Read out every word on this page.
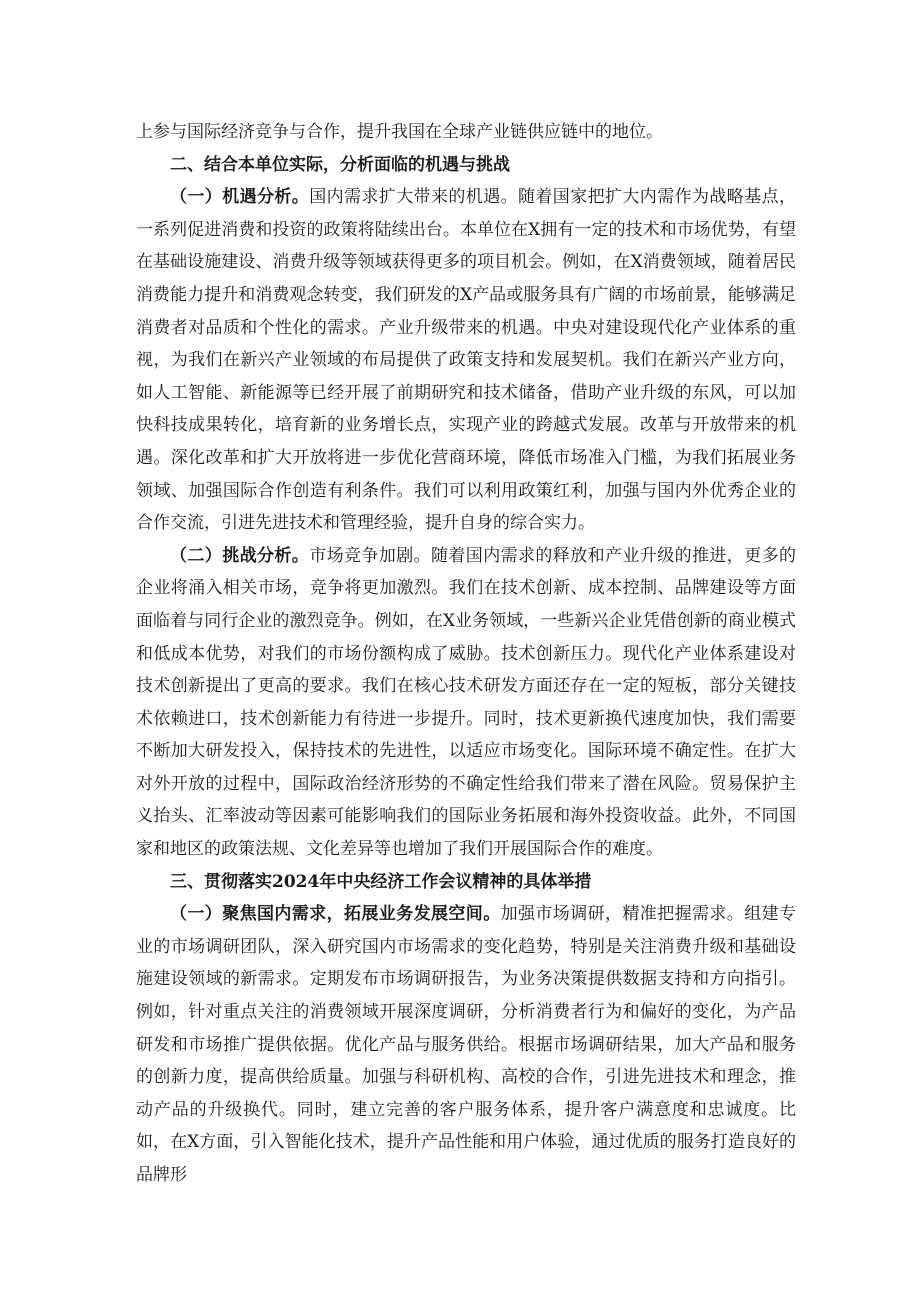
上参与国际经济竞争与合作，提升我国在全球产业链供应链中的地位。

二、结合本单位实际，分析面临的机遇与挑战

（一）机遇分析。国内需求扩大带来的机遇。随着国家把扩大内需作为战略基点，一系列促进消费和投资的政策将陆续出台。本单位在X拥有一定的技术和市场优势，有望在基础设施建设、消费升级等领域获得更多的项目机会。例如，在X消费领域，随着居民消费能力提升和消费观念转变，我们研发的X产品或服务具有广阔的市场前景，能够满足消费者对品质和个性化的需求。产业升级带来的机遇。中央对建设现代化产业体系的重视，为我们在新兴产业领域的布局提供了政策支持和发展契机。我们在新兴产业方向，如人工智能、新能源等已经开展了前期研究和技术储备，借助产业升级的东风，可以加快科技成果转化，培育新的业务增长点，实现产业的跨越式发展。改革与开放带来的机遇。深化改革和扩大开放将进一步优化营商环境，降低市场准入门槛，为我们拓展业务领域、加强国际合作创造有利条件。我们可以利用政策红利，加强与国内外优秀企业的合作交流，引进先进技术和管理经验，提升自身的综合实力。

（二）挑战分析。市场竞争加剧。随着国内需求的释放和产业升级的推进，更多的企业将涌入相关市场，竞争将更加激烈。我们在技术创新、成本控制、品牌建设等方面面临着与同行企业的激烈竞争。例如，在X业务领域，一些新兴企业凭借创新的商业模式和低成本优势，对我们的市场份额构成了威胁。技术创新压力。现代化产业体系建设对技术创新提出了更高的要求。我们在核心技术研发方面还存在一定的短板，部分关键技术依赖进口，技术创新能力有待进一步提升。同时，技术更新换代速度加快，我们需要不断加大研发投入，保持技术的先进性，以适应市场变化。国际环境不确定性。在扩大对外开放的过程中，国际政治经济形势的不确定性给我们带来了潜在风险。贸易保护主义抬头、汇率波动等因素可能影响我们的国际业务拓展和海外投资收益。此外，不同国家和地区的政策法规、文化差异等也增加了我们开展国际合作的难度。

三、贯彻落实2024年中央经济工作会议精神的具体举措

（一）聚焦国内需求，拓展业务发展空间。加强市场调研，精准把握需求。组建专业的市场调研团队，深入研究国内市场需求的变化趋势，特别是关注消费升级和基础设施建设领域的新需求。定期发布市场调研报告，为业务决策提供数据支持和方向指引。例如，针对重点关注的消费领域开展深度调研，分析消费者行为和偏好的变化，为产品研发和市场推广提供依据。优化产品与服务供给。根据市场调研结果，加大产品和服务的创新力度，提高供给质量。加强与科研机构、高校的合作，引进先进技术和理念，推动产品的升级换代。同时，建立完善的客户服务体系，提升客户满意度和忠诚度。比如，在X方面，引入智能化技术，提升产品性能和用户体验，通过优质的服务打造良好的品牌形
